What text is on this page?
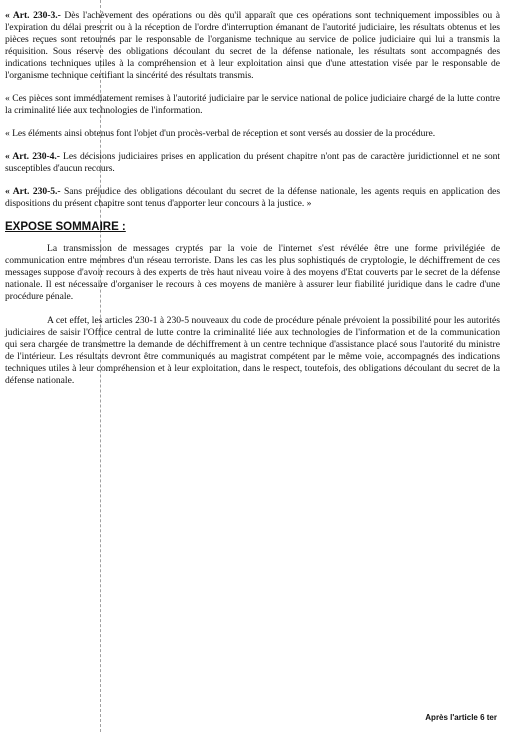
« Art. 230-3.- Dès l'achèvement des opérations ou dès qu'il apparaît que ces opérations sont techniquement impossibles ou à l'expiration du délai prescrit ou à la réception de l'ordre d'interruption émanant de l'autorité judiciaire, les résultats obtenus et les pièces reçues sont retournés par le responsable de l'organisme technique au service de police judiciaire qui lui a transmis la réquisition. Sous réserve des obligations découlant du secret de la défense nationale, les résultats sont accompagnés des indications techniques utiles à la compréhension et à leur exploitation ainsi que d'une attestation visée par le responsable de l'organisme technique certifiant la sincérité des résultats transmis.

« Ces pièces sont immédiatement remises à l'autorité judiciaire par le service national de police judiciaire chargé de la lutte contre la criminalité liée aux technologies de l'information.

« Les éléments ainsi obtenus font l'objet d'un procès-verbal de réception et sont versés au dossier de la procédure.

« Art. 230-4.- Les décisions judiciaires prises en application du présent chapitre n'ont pas de caractère juridictionnel et ne sont susceptibles d'aucun recours.

« Art. 230-5.- Sans préjudice des obligations découlant du secret de la défense nationale, les agents requis en application des dispositions du présent chapitre sont tenus d'apporter leur concours à la justice. »

EXPOSE SOMMAIRE :

La transmission de messages cryptés par la voie de l'internet s'est révélée être une forme privilégiée de communication entre membres d'un réseau terroriste. Dans les cas les plus sophistiqués de cryptologie, le déchiffrement de ces messages suppose d'avoir recours à des experts de très haut niveau voire à des moyens d'Etat couverts par le secret de la défense nationale. Il est nécessaire d'organiser le recours à ces moyens de manière à assurer leur fiabilité juridique dans le cadre d'une procédure pénale.

A cet effet, les articles 230-1 à 230-5 nouveaux du code de procédure pénale prévoient la possibilité pour les autorités judiciaires de saisir l'Office central de lutte contre la criminalité liée aux technologies de l'information et de la communication qui sera chargée de transmettre la demande de déchiffrement à un centre technique d'assistance placé sous l'autorité du ministre de l'intérieur. Les résultats devront être communiqués au magistrat compétent par le même voie, accompagnés des indications techniques utiles à leur compréhension et à leur exploitation, dans le respect, toutefois, des obligations découlant du secret de la défense nationale.

Après l'article 6 ter
